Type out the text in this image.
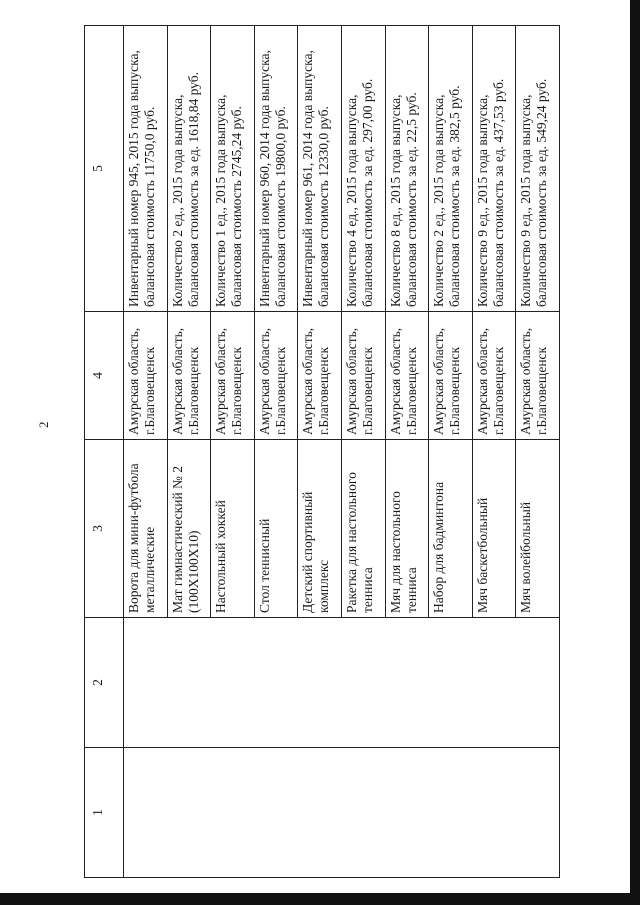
2
1	2	3	4	5
		Ворота для мини-футбола металлические	Амурская область, г.Благовещенск	Инвентарный номер 945, 2015 года выпуска, балансовая стоимость 11750,0 руб.
		Мат гимнастический № 2 (100Х100Х10)	Амурская область, г.Благовещенск	Количество 2 ед., 2015 года выпуска, балансовая стоимость за ед. 1618,84 руб.
		Настольный хоккей	Амурская область, г.Благовещенск	Количество 1 ед., 2015 года выпуска, балансовая стоимость 2745,24 руб.
		Стол теннисный	Амурская область, г.Благовещенск	Инвентарный номер 960, 2014 года выпуска, балансовая стоимость 19800,0 руб.
		Детский спортивный комплекс	Амурская область, г.Благовещенск	Инвентарный номер 961, 2014 года выпуска, балансовая стоимость 12330,0 руб.
		Ракетка для настольного тенниса	Амурская область, г.Благовещенск	Количество 4 ед., 2015 года выпуска, балансовая стоимость за ед. 297,00 руб.
		Мяч для настольного тенниса	Амурская область, г.Благовещенск	Количество 8 ед., 2015 года выпуска, балансовая стоимость за ед. 22,5 руб.
		Набор для бадминтона	Амурская область, г.Благовещенск	Количество 2 ед., 2015 года выпуска, балансовая стоимость за ед. 382,5 руб.
		Мяч баскетбольный	Амурская область, г.Благовещенск	Количество 9 ед., 2015 года выпуска, балансовая стоимость за ед. 437,53 руб.
		Мяч волейбольный	Амурская область, г.Благовещенск	Количество 9 ед., 2015 года выпуска, балансовая стоимость за ед. 549,24 руб.
